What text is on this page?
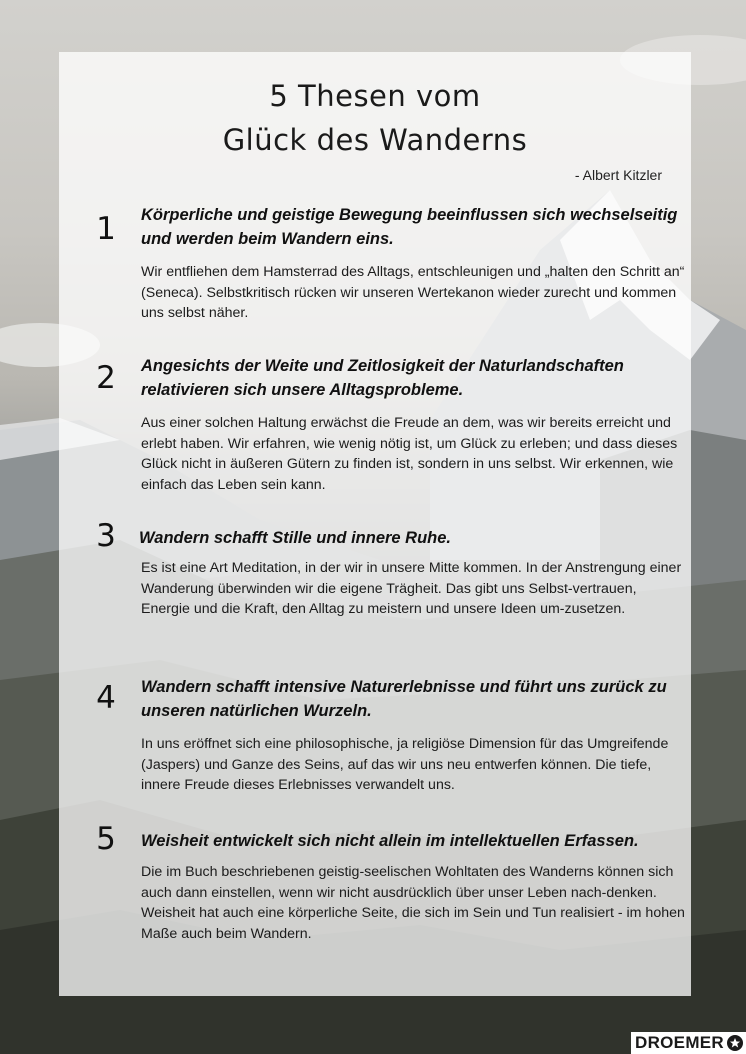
5 Thesen vom
Glück des Wanderns
- Albert Kitzler
1	Körperliche und geistige Bewegung beeinflussen sich wechselseitig und werden beim Wandern eins.
Wir entfliehen dem Hamsterrad des Alltags, entschleunigen und „halten den Schritt an“ (Seneca). Selbstkritisch rücken wir unseren Wertekanon wieder zurecht und kommen uns selbst näher.
2	Angesichts der Weite und Zeitlosigkeit der Naturlandschaften relativieren sich unsere Alltagsprobleme.
Aus einer solchen Haltung erwächst die Freude an dem, was wir bereits erreicht und erlebt haben. Wir erfahren, wie wenig nötig ist, um Glück zu erleben; und dass dieses Glück nicht in äußeren Gütern zu finden ist, sondern in uns selbst. Wir erkennen, wie einfach das Leben sein kann.
3	Wandern schafft Stille und innere Ruhe.
Es ist eine Art Meditation, in der wir in unsere Mitte kommen. In der Anstrengung einer Wanderung überwinden wir die eigene Trägheit. Das gibt uns Selbst-vertrauen, Energie und die Kraft, den Alltag zu meistern und unsere Ideen um-zusetzen.
4	Wandern schafft intensive Naturerlebnisse und führt uns zurück zu unseren natürlichen Wurzeln.
In uns eröffnet sich eine philosophische, ja religiöse Dimension für das Umgreifende (Jaspers) und Ganze des Seins, auf das wir uns neu entwerfen können. Die tiefe, innere Freude dieses Erlebnisses verwandelt uns.
5	Weisheit entwickelt sich nicht allein im intellektuellen Erfassen.
Die im Buch beschriebenen geistig-seelischen Wohltaten des Wanderns können sich auch dann einstellen, wenn wir nicht ausdrücklich über unser Leben nach-denken. Weisheit hat auch eine körperliche Seite, die sich im Sein und Tun realisiert - im hohen Maße auch beim Wandern.
DROEMER
